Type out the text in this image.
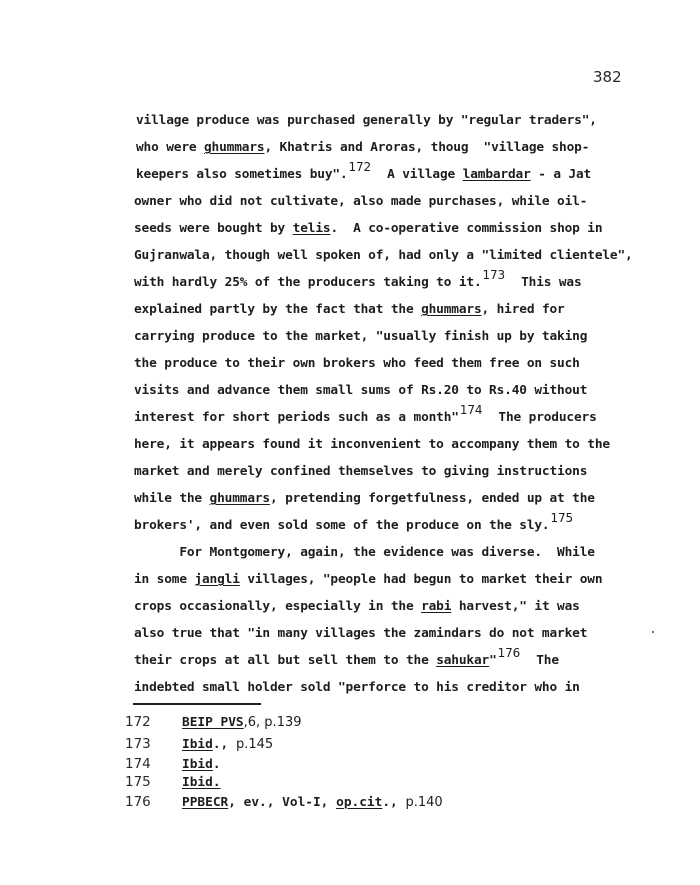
382
village produce was purchased generally by "regular traders",
who were ghummars, Khatris and Aroras, thoug  "village shop-
keepers also sometimes buy".$^{172}$  A village lambardar - a Jat
owner who did not cultivate, also made purchases, while oil-
seeds were bought by telis.  A co-operative commission shop in
Gujranwala, though well spoken of, had only a "limited clientele",
with hardly 25% of the producers taking to it.$^{173}$  This was
explained partly by the fact that the ghummars, hired for
carrying produce to the market, "usually finish up by taking
the produce to their own brokers who feed them free on such
visits and advance them small sums of Rs.20 to Rs.40 without
interest for short periods such as a month"$^{174}$  The producers
here, it appears found it inconvenient to accompany them to the
market and merely confined themselves to giving instructions
while the ghummars, pretending forgetfulness, ended up at the
brokers', and even sold some of the produce on the sly.$^{175}$
For Montgomery, again, the evidence was diverse.  While
in some jangli villages, "people had begun to market their own
crops occasionally, especially in the rabi harvest," it was
also true that "in many villages the zamindars do not market
their crops at all but sell them to the sahukar"$^{176}$  The
indebted small holder sold "perforce to his creditor who in
172 BEIP PVS,6, p.139
173 Ibid., p.145
174 Ibid.
175 Ibid.
176 PPBECR, ev., Vol-I, op.cit., p.140
